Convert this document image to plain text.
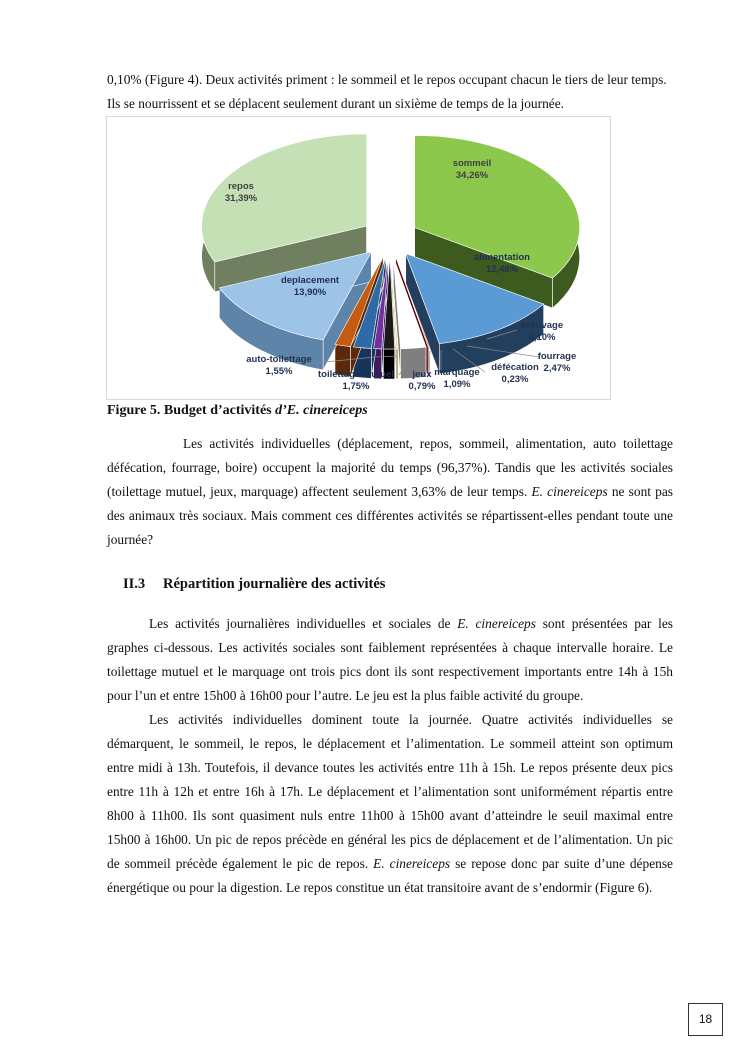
0,10% (Figure 4). Deux activités priment : le sommeil et le repos occupant chacun le tiers de leur temps.
Ils se nourrissent et se déplacent seulement durant un sixième de temps de la journée.
sommeil
34,26%
alimentation
12,48%
breuvage
0,10%
fourrage
2,47%
défécation
0,23%
marquage
1,09%
jeux
0,79%
toilettage mutuel
1,75%
auto-toilettage
1,55%
deplacement
13,90%
repos
31,39%
Figure 5. Budget d’activités d’E. cinereiceps
Les activités individuelles (déplacement, repos, sommeil, alimentation, auto toilettage défécation, fourrage, boire) occupent la majorité du temps (96,37%). Tandis que les activités sociales (toilettage mutuel, jeux, marquage) affectent seulement 3,63% de leur temps. E. cinereiceps ne sont pas des animaux très sociaux. Mais comment ces différentes activités se répartissent-elles pendant toute une journée?
II.3 Répartition journalière des activités
Les activités journalières individuelles et sociales de E. cinereiceps sont présentées par les graphes ci-dessous. Les activités sociales sont faiblement représentées à chaque intervalle horaire. Le toilettage mutuel et le marquage ont trois pics dont ils sont respectivement importants entre 14h à 15h pour l’un et entre 15h00 à 16h00 pour l’autre. Le jeu est la plus faible activité du groupe.
Les activités individuelles dominent toute la journée. Quatre activités individuelles se démarquent, le sommeil, le repos, le déplacement et l’alimentation. Le sommeil atteint son optimum entre midi à 13h. Toutefois, il devance toutes les activités entre 11h à 15h. Le repos présente deux pics entre 11h à 12h et entre 16h à 17h. Le déplacement et l’alimentation sont uniformément répartis entre 8h00 à 11h00. Ils sont quasiment nuls entre 11h00 à 15h00 avant d’atteindre le seuil maximal entre 15h00 à 16h00. Un pic de repos précède en général les pics de déplacement et de l’alimentation. Un pic de sommeil précède également le pic de repos. E. cinereiceps se repose donc par suite d’une dépense énergétique ou pour la digestion. Le repos constitue un état transitoire avant de s’endormir (Figure 6).
18
